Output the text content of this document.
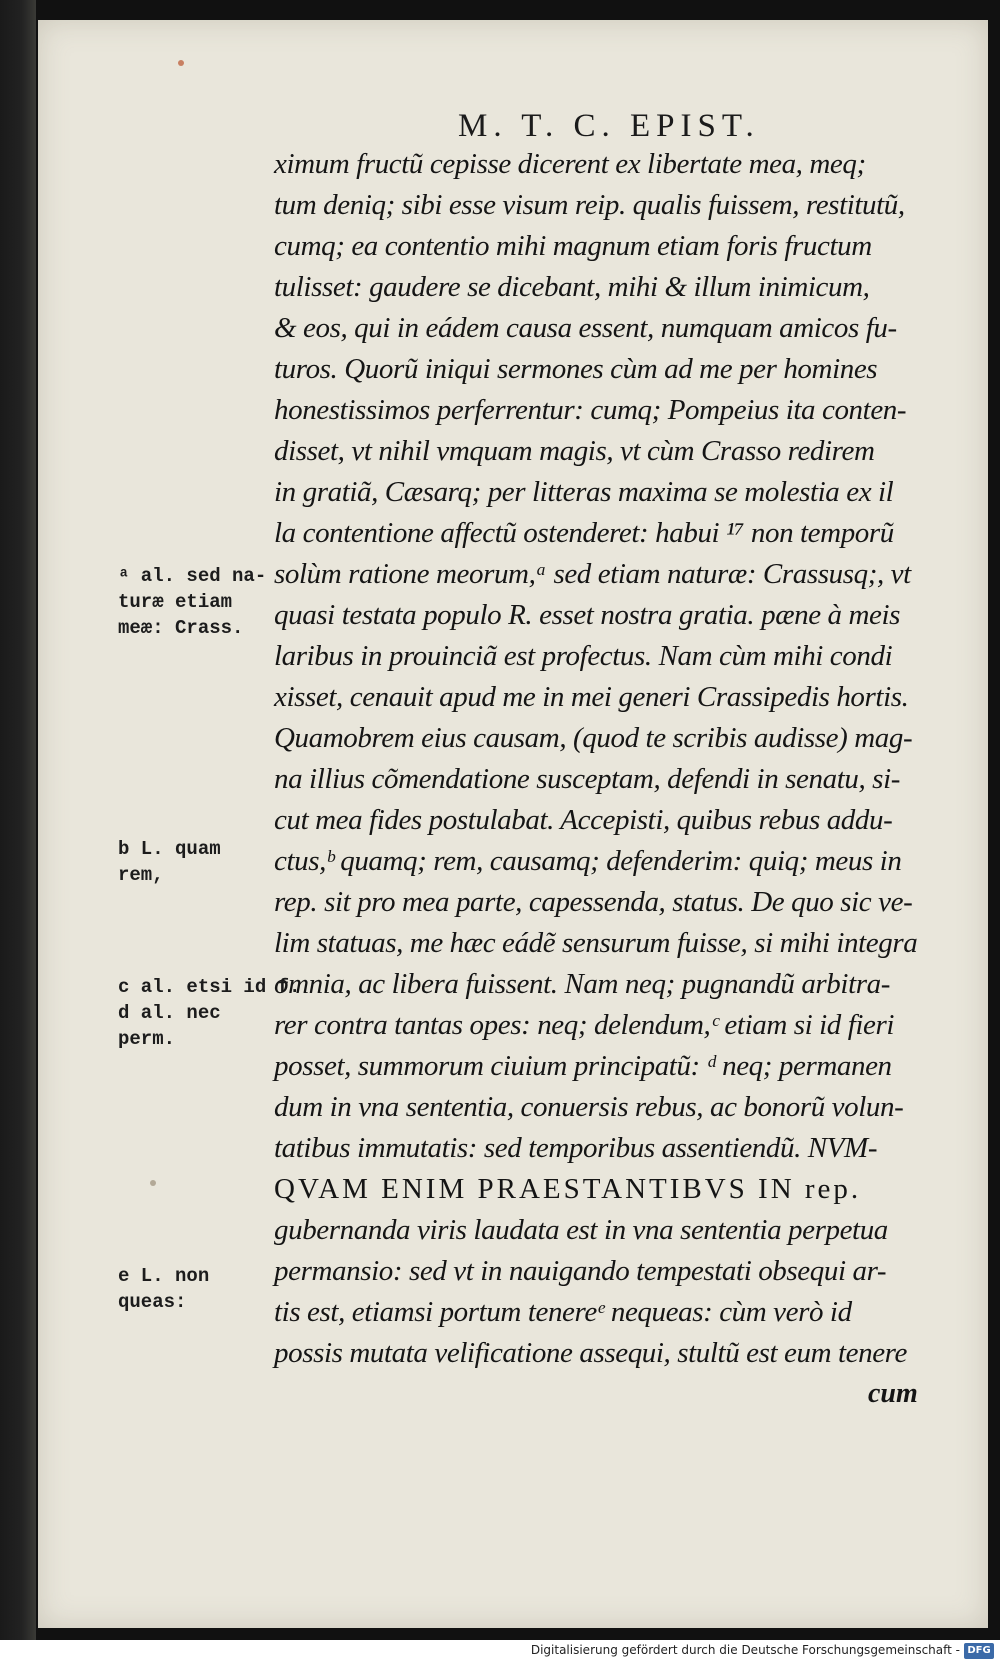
M. T. C. EPIST.
ximum fructũ cepisse dicerent ex libertate mea, meq;
tum deniq; sibi esse visum reip. qualis fuissem, restitutũ,
cumq; ea contentio mihi magnum etiam foris fructum
tulisset: gaudere se dicebant, mihi & illum inimicum,
& eos, qui in eádem causa essent, numquam amicos fu-
turos. Quorũ iniqui sermones cùm ad me per homines
honestissimos perferrentur: cumq; Pompeius ita conten-
disset, vt nihil vmquam magis, vt cùm Crasso redirem
in gratiã, Cæsarq; per litteras maxima se molestia ex il
la contentione affectũ ostenderet: habui ¹⁷ non temporũ
solùm ratione meorum,ᵃ sed etiam naturæ: Crassusq;, vt
quasi testata populo R. esset nostra gratia. pæne à meis
laribus in prouinciã est profectus. Nam cùm mihi condi
xisset, cenauit apud me in mei generi Crassipedis hortis.
Quamobrem eius causam, (quod te scribis audisse) mag-
na illius cõmendatione susceptam, defendi in senatu, si-
cut mea fides postulabat. Accepisti, quibus rebus addu-
ctus,ᵇ quamq; rem, causamq; defenderim: quiq; meus in
rep. sit pro mea parte, capessenda, status. De quo sic ve-
lim statuas, me hæc eádẽ sensurum fuisse, si mihi integra
omnia, ac libera fuissent. Nam neq; pugnandũ arbitra-
rer contra tantas opes: neq; delendum,ᶜ etiam si id fieri
posset, summorum ciuium principatũ: ᵈ neq; permanen
dum in vna sententia, conuersis rebus, ac bonorũ volun-
tatibus immutatis: sed temporibus assentiendũ. NVM-
QVAM ENIM PRAESTANTIBVS IN rep.
gubernanda viris laudata est in vna sententia perpetua
permansio: sed vt in nauigando tempestati obsequi ar-
tis est, etiamsi portum tenereᵉ nequeas: cùm verò id
possis mutata velificatione assequi, stultũ est eum tenere
cum
ᵃ al. sed na-
turæ etiam
meæ: Crass.
b L. quam
rem,
c al. etsi id f.
d al. nec
perm.
e L. non
queas:
Digitalisierung gefördert durch die Deutsche Forschungsgemeinschaft - DFG
